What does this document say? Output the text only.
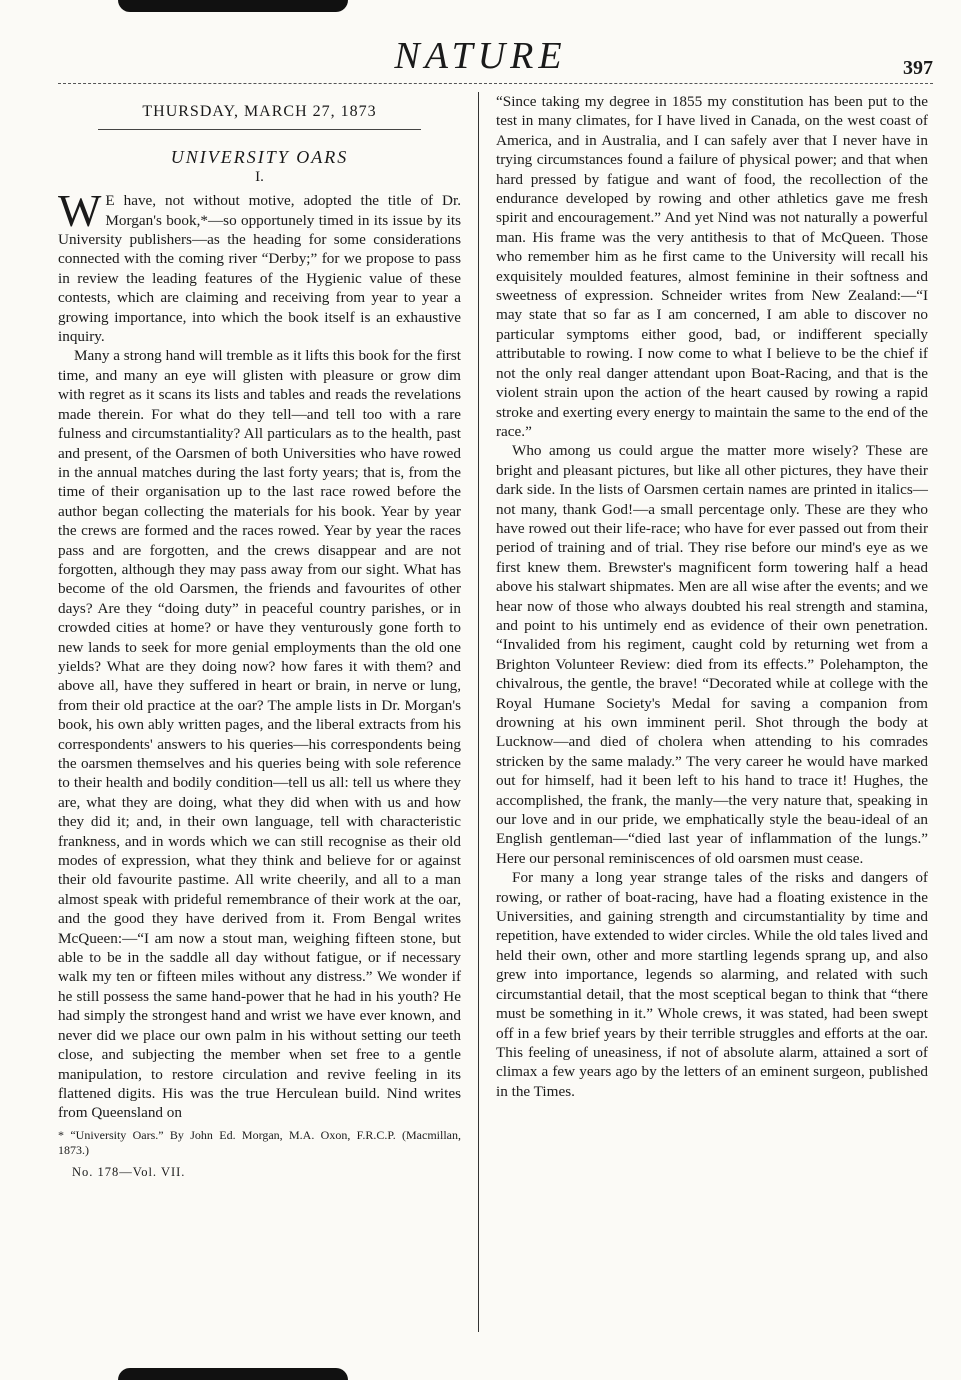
NATURE	397
THURSDAY, MARCH 27, 1873
UNIVERSITY OARS
I.

WE have, not without motive, adopted the title of Dr. Morgan's book,*—so opportunely timed in its issue by its University publishers—as the heading for some considerations connected with the coming river “Derby;” for we propose to pass in review the leading features of the Hygienic value of these contests, which are claiming and receiving from year to year a growing importance, into which the book itself is an exhaustive inquiry.

Many a strong hand will tremble as it lifts this book for the first time, and many an eye will glisten with pleasure or grow dim with regret as it scans its lists and tables and reads the revelations made therein. For what do they tell—and tell too with a rare fulness and circumstantiality? All particulars as to the health, past and present, of the Oarsmen of both Universities who have rowed in the annual matches during the last forty years; that is, from the time of their organisation up to the last race rowed before the author began collecting the materials for his book. Year by year the crews are formed and the races rowed. Year by year the races pass and are forgotten, and the crews disappear and are not forgotten, although they may pass away from our sight. What has become of the old Oarsmen, the friends and favourites of other days? Are they “doing duty” in peaceful country parishes, or in crowded cities at home? or have they venturously gone forth to new lands to seek for more genial employments than the old one yields? What are they doing now? how fares it with them? and above all, have they suffered in heart or brain, in nerve or lung, from their old practice at the oar? The ample lists in Dr. Morgan's book, his own ably written pages, and the liberal extracts from his correspondents' answers to his queries—his correspondents being the oarsmen themselves and his queries being with sole reference to their health and bodily condition—tell us all: tell us where they are, what they are doing, what they did when with us and how they did it; and, in their own language, tell with characteristic frankness, and in words which we can still recognise as their old modes of expression, what they think and believe for or against their old favourite pastime. All write cheerily, and all to a man almost speak with prideful remembrance of their work at the oar, and the good they have derived from it. From Bengal writes McQueen:—“I am now a stout man, weighing fifteen stone, but able to be in the saddle all day without fatigue, or if necessary walk my ten or fifteen miles without any distress.” We wonder if he still possess the same hand-power that he had in his youth? He had simply the strongest hand and wrist we have ever known, and never did we place our own palm in his without setting our teeth close, and subjecting the member when set free to a gentle manipulation, to restore circulation and revive feeling in its flattened digits. His was the true Herculean build. Nind writes from Queensland on

* “University Oars.” By John Ed. Morgan, M.A. Oxon, F.R.C.P. (Macmillan, 1873.)
No. 178—Vol. VII.

“Since taking my degree in 1855 my constitution has been put to the test in many climates, for I have lived in Canada, on the west coast of America, and in Australia, and I can safely aver that I never have in trying circumstances found a failure of physical power; and that when hard pressed by fatigue and want of food, the recollection of the endurance developed by rowing and other athletics gave me fresh spirit and encouragement.” And yet Nind was not naturally a powerful man. His frame was the very antithesis to that of McQueen. Those who remember him as he first came to the University will recall his exquisitely moulded features, almost feminine in their softness and sweetness of expression. Schneider writes from New Zealand:—“I may state that so far as I am concerned, I am able to discover no particular symptoms either good, bad, or indifferent specially attributable to rowing. I now come to what I believe to be the chief if not the only real danger attendant upon Boat-Racing, and that is the violent strain upon the action of the heart caused by rowing a rapid stroke and exerting every energy to maintain the same to the end of the race.”

Who among us could argue the matter more wisely? These are bright and pleasant pictures, but like all other pictures, they have their dark side. In the lists of Oarsmen certain names are printed in italics—not many, thank God!—a small percentage only. These are they who have rowed out their life-race; who have for ever passed out from their period of training and of trial. They rise before our mind's eye as we first knew them. Brewster's magnificent form towering half a head above his stalwart shipmates. Men are all wise after the events; and we hear now of those who always doubted his real strength and stamina, and point to his untimely end as evidence of their own penetration. “Invalided from his regiment, caught cold by returning wet from a Brighton Volunteer Review: died from its effects.” Polehampton, the chivalrous, the gentle, the brave! “Decorated while at college with the Royal Humane Society's Medal for saving a companion from drowning at his own imminent peril. Shot through the body at Lucknow—and died of cholera when attending to his comrades stricken by the same malady.” The very career he would have marked out for himself, had it been left to his hand to trace it! Hughes, the accomplished, the frank, the manly—the very nature that, speaking in our love and in our pride, we emphatically style the beau-ideal of an English gentleman—“died last year of inflammation of the lungs.” Here our personal reminiscences of old oarsmen must cease.

For many a long year strange tales of the risks and dangers of rowing, or rather of boat-racing, have had a floating existence in the Universities, and gaining strength and circumstantiality by time and repetition, have extended to wider circles. While the old tales lived and held their own, other and more startling legends sprang up, and also grew into importance, legends so alarming, and related with such circumstantial detail, that the most sceptical began to think that “there must be something in it.” Whole crews, it was stated, had been swept off in a few brief years by their terrible struggles and efforts at the oar. This feeling of uneasiness, if not of absolute alarm, attained a sort of climax a few years ago by the letters of an eminent surgeon, published in the Times.
